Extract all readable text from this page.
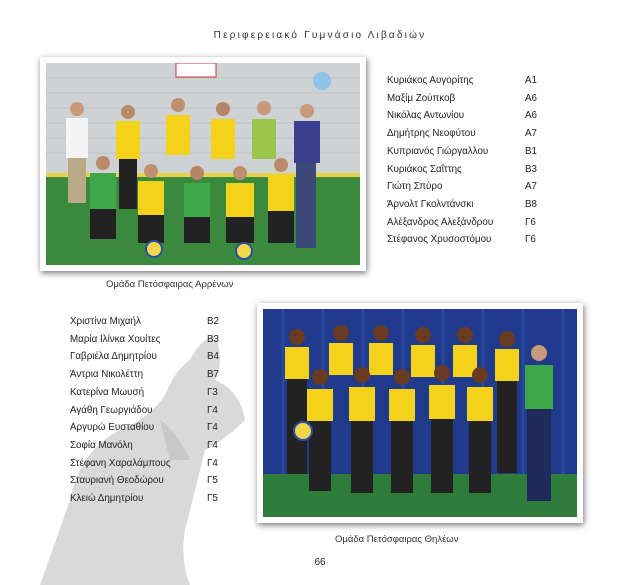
Περιφερειακό Γυμνάσιο Λιβαδιών
Ομάδα Πετόσφαιρας Αρρένων
Κυριάκος Αυγορίτης	Α1
Μαξίμ Ζούπκοβ	Α6
Νικόλας Αντωνίου	Α6
Δημήτρης Νεοφύτου	Α7
Κυπριανός Γιώργαλλου	Β1
Κυριάκος Σαΐττης	Β3
Γιώτη Σπύρο	Α7
Άρνολτ Γκολντάνσκι	Β8
Αλέξανδρος Αλεξάνδρου	Γ6
Στέφανος Χρυσοστόμου	Γ6
Χριστίνα Μιχαήλ	Β2
Μαρία Ιλίνκα Χουίτες	Β3
Γαβριέλα Δημητρίου	Β4
Άντρια Νικολέττη	Β7
Κατερίνα Μωυσή	Γ3
Αγάθη Γεωργιάδου	Γ4
Αργυρώ Ευσταθίου	Γ4
Σοφία Μανόλη	Γ4
Στέφανη Χαραλάμπους	Γ4
Σταυριανή Θεοδώρου	Γ5
Κλειώ Δημητρίου	Γ5
Ομάδα Πετόσφαιρας Θηλέων
66
